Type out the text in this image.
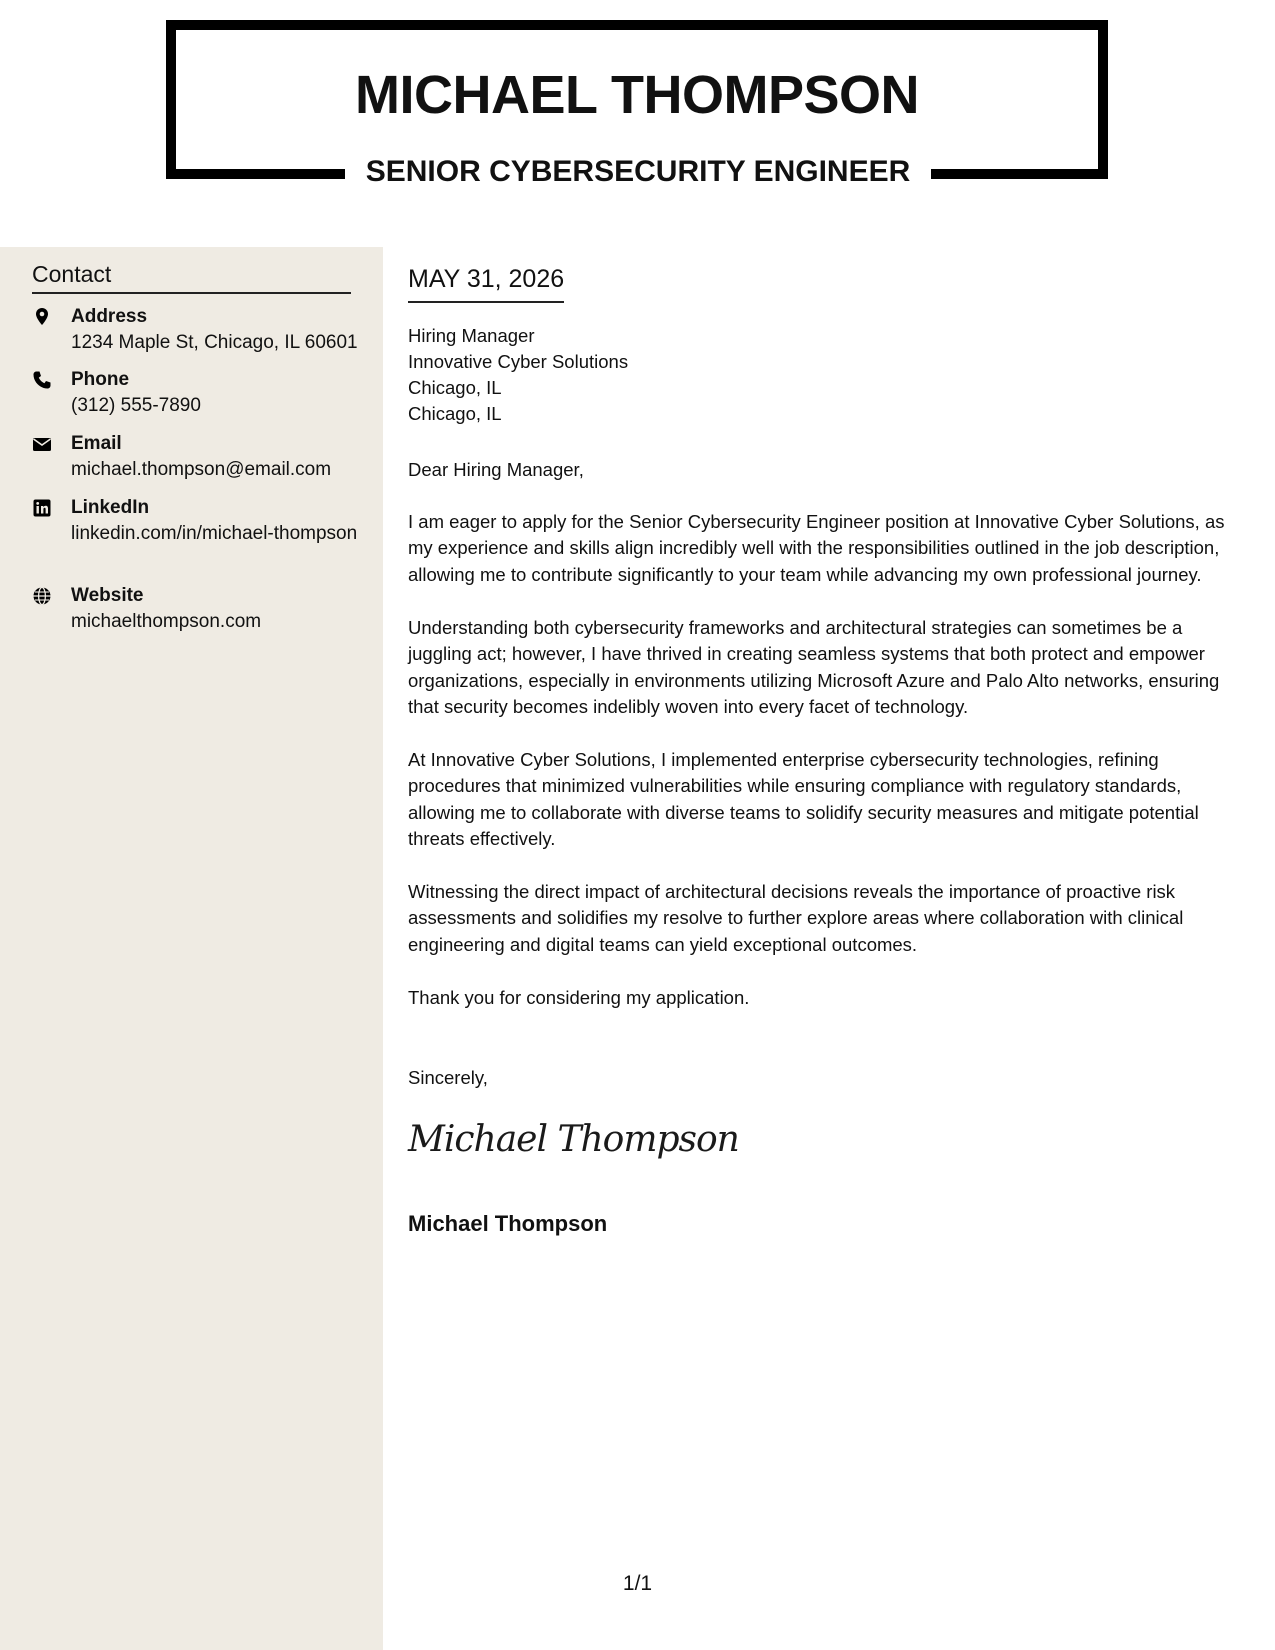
MICHAEL THOMPSON
SENIOR CYBERSECURITY ENGINEER
Contact
Address
1234 Maple St, Chicago, IL 60601
Phone
(312) 555-7890
Email
michael.thompson@email.com
LinkedIn
linkedin.com/in/michael-thompson
Website
michaelthompson.com
MAY 31, 2026
Hiring Manager
Innovative Cyber Solutions
Chicago, IL
Chicago, IL
Dear Hiring Manager,

I am eager to apply for the Senior Cybersecurity Engineer position at Innovative Cyber Solutions, as my experience and skills align incredibly well with the responsibilities outlined in the job description, allowing me to contribute significantly to your team while advancing my own professional journey.

Understanding both cybersecurity frameworks and architectural strategies can sometimes be a juggling act; however, I have thrived in creating seamless systems that both protect and empower organizations, especially in environments utilizing Microsoft Azure and Palo Alto networks, ensuring that security becomes indelibly woven into every facet of technology.

At Innovative Cyber Solutions, I implemented enterprise cybersecurity technologies, refining procedures that minimized vulnerabilities while ensuring compliance with regulatory standards, allowing me to collaborate with diverse teams to solidify security measures and mitigate potential threats effectively.

Witnessing the direct impact of architectural decisions reveals the importance of proactive risk assessments and solidifies my resolve to further explore areas where collaboration with clinical engineering and digital teams can yield exceptional outcomes.

Thank you for considering my application.

Sincerely,
Michael Thompson
Michael Thompson
1/1
